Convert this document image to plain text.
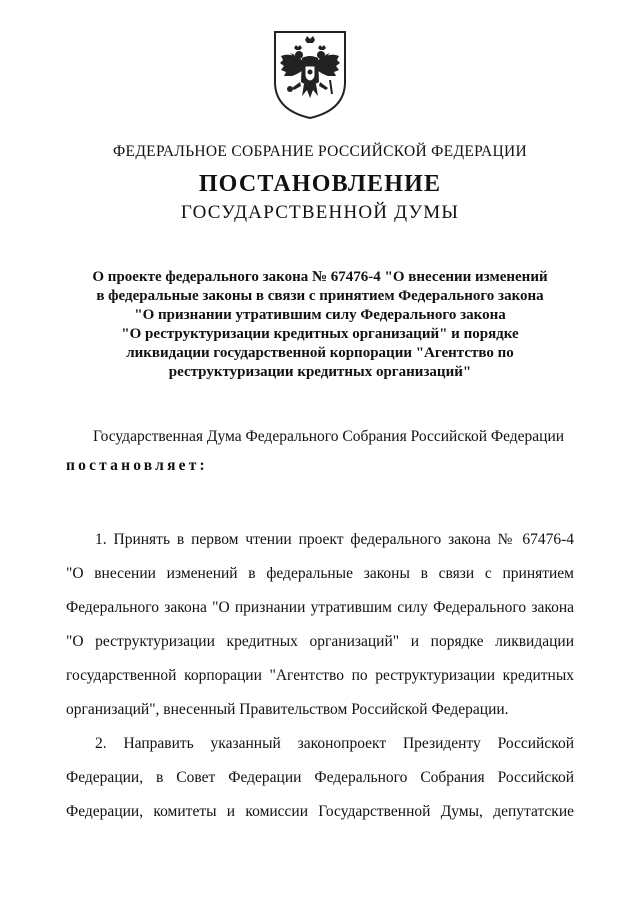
ФЕДЕРАЛЬНОЕ СОБРАНИЕ РОССИЙСКОЙ ФЕДЕРАЦИИ
ПОСТАНОВЛЕНИЕ
ГОСУДАРСТВЕННОЙ ДУМЫ
О проекте федерального закона № 67476-4 "О внесении изменений
в федеральные законы в связи с принятием Федерального закона
"О признании утратившим силу Федерального закона
"О реструктуризации кредитных организаций" и порядке
ликвидации государственной корпорации "Агентство по
реструктуризации кредитных организаций"
Государственная Дума Федерального Собрания Российской Федерации
постановляет:
1. Принять в первом чтении проект федерального закона № 67476-4
"О внесении изменений в федеральные законы в связи с принятием
Федерального закона "О признании утратившим силу Федерального закона
"О реструктуризации кредитных организаций" и порядке ликвидации
государственной корпорации "Агентство по реструктуризации кредитных
организаций", внесенный Правительством Российской Федерации.
2. Направить указанный законопроект Президенту Российской
Федерации, в Совет Федерации Федерального Собрания Российской
Федерации, комитеты и комиссии Государственной Думы, депутатские
